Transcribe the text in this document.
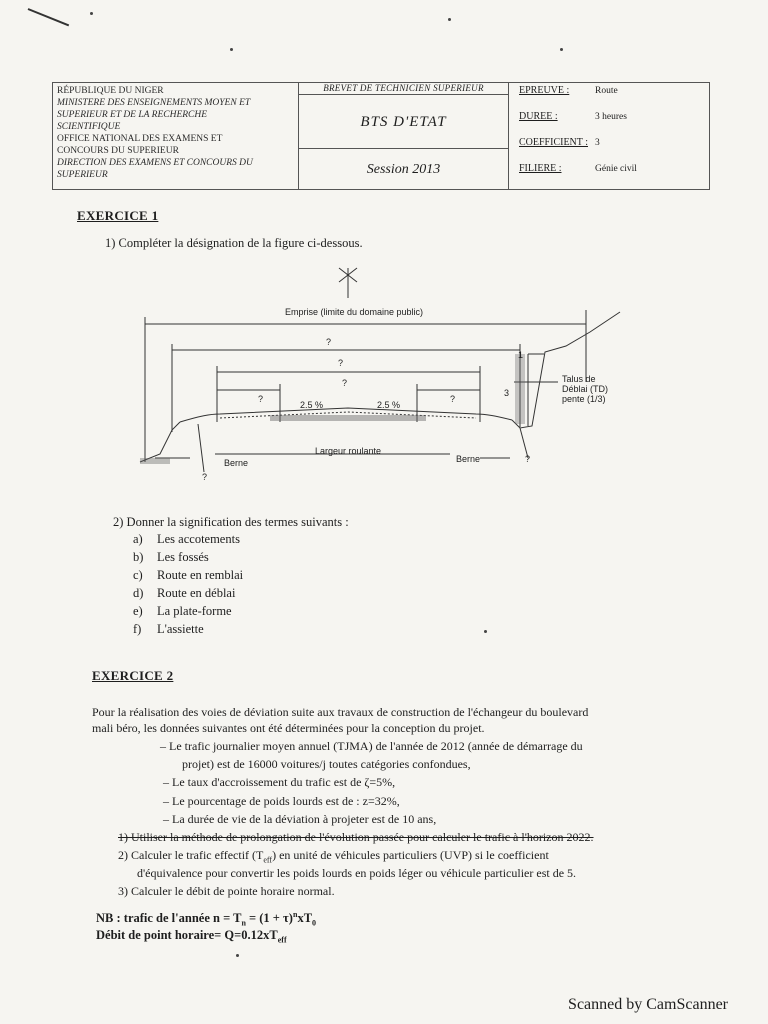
RÉPUBLIQUE DU NIGER
MINISTERE DES ENSEIGNEMENTS MOYEN ET
SUPERIEUR ET DE LA RECHERCHE
SCIENTIFIQUE
OFFICE NATIONAL DES EXAMENS ET
CONCOURS DU SUPERIEUR
DIRECTION DES EXAMENS ET CONCOURS DU
SUPERIEUR
BREVET DE TECHNICIEN SUPERIEUR
BTS D'ETAT
Session 2013
EPREUVE :	Route
DUREE :	3 heures
COEFFICIENT : 3
FILIERE :	Génie civil
EXERCICE 1
1) Compléter la désignation de la figure ci-dessous.
Emprise (limite du domaine public)
?
?
?
?	?
2.5 %	2.5 %
Largeur roulante
Berne	Berne
?
?
1
3
Talus de
Déblai (TD)
pente (1/3)
2) Donner la signification des termes suivants :
a) Les accotements
b) Les fossés
c) Route en remblai
d) Route en déblai
e) La plate-forme
f) L'assiette
EXERCICE 2
Pour la réalisation des voies de déviation suite aux travaux de construction de l'échangeur du boulevard
mali béro, les données suivantes ont été déterminées pour la conception du projet.
– Le trafic journalier moyen annuel (TJMA) de l'année de 2012 (année de démarrage du
projet) est de 16000 voitures/j toutes catégories confondues,
– Le taux d'accroissement du trafic est de ζ=5%,
– Le pourcentage de poids lourds est de : z=32%,
– La durée de vie de la déviation à projeter est de 10 ans,
1) Utiliser la méthode de prolongation de l'évolution passée pour calculer le trafic à l'horizon 2022.
2) Calculer le trafic effectif $(T_{eff})$ en unité de véhicules particuliers (UVP) si le coefficient
d'équivalence pour convertir les poids lourds en poids léger ou véhicule particulier est de 5.
3) Calculer le débit de pointe horaire normal.
NB : trafic de l'année $n = T_n = (1 + \tau)^nxT_0$
Débit de point horaire= $Q=0.12xT_{eff}$
Scanned by CamScanner
